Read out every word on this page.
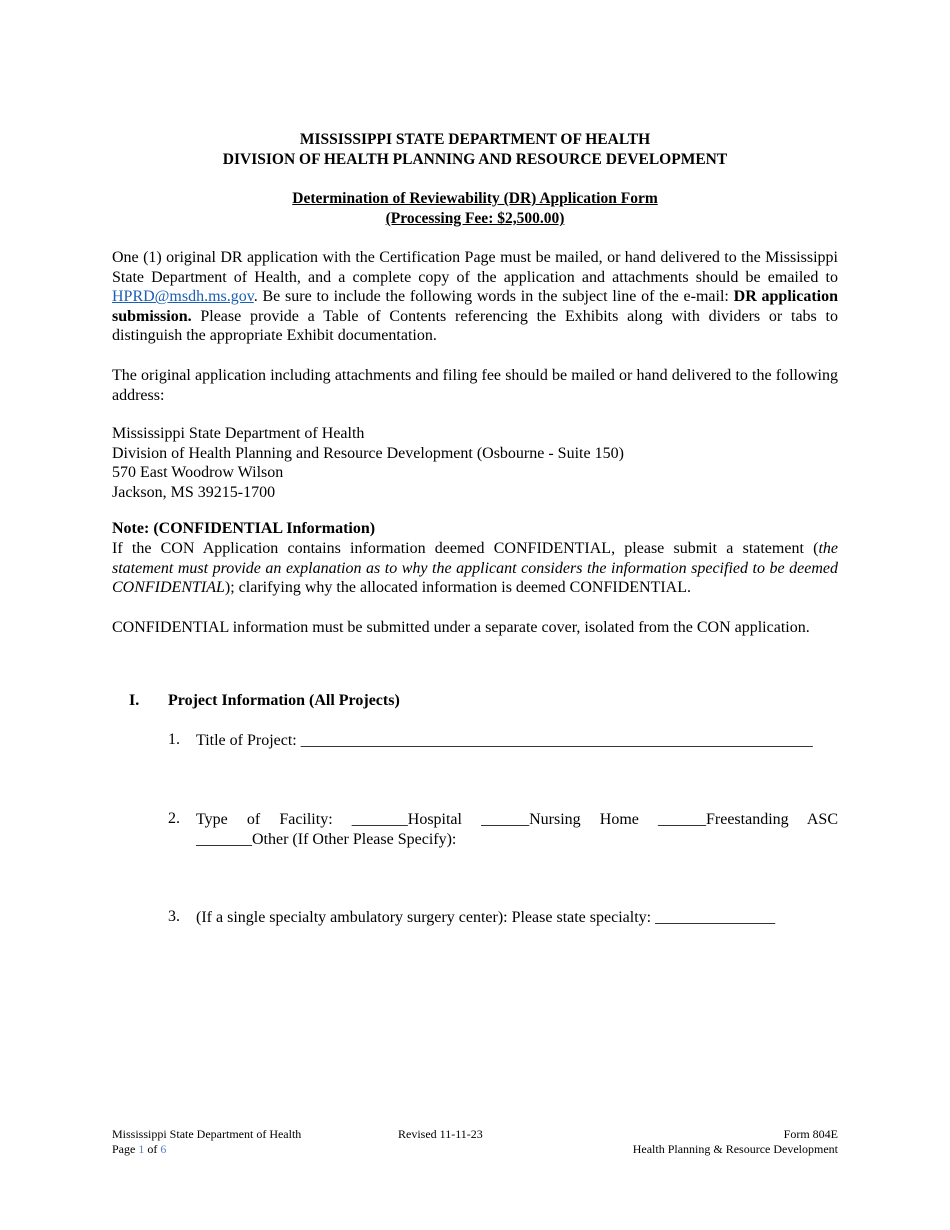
MISSISSIPPI STATE DEPARTMENT OF HEALTH
DIVISION OF HEALTH PLANNING AND RESOURCE DEVELOPMENT
Determination of Reviewability (DR) Application Form
(Processing Fee: $2,500.00)
One (1) original DR application with the Certification Page must be mailed, or hand delivered to the Mississippi State Department of Health, and a complete copy of the application and attachments should be emailed to HPRD@msdh.ms.gov. Be sure to include the following words in the subject line of the e-mail: DR application submission. Please provide a Table of Contents referencing the Exhibits along with dividers or tabs to distinguish the appropriate Exhibit documentation.
The original application including attachments and filing fee should be mailed or hand delivered to the following address:
Mississippi State Department of Health
Division of Health Planning and Resource Development (Osbourne - Suite 150)
570 East Woodrow Wilson
Jackson, MS 39215-1700
Note: (CONFIDENTIAL Information)
If the CON Application contains information deemed CONFIDENTIAL, please submit a statement (the statement must provide an explanation as to why the applicant considers the information specified to be deemed CONFIDENTIAL); clarifying why the allocated information is deemed CONFIDENTIAL.
CONFIDENTIAL information must be submitted under a separate cover, isolated from the CON application.
I. Project Information (All Projects)
1. Title of Project: ________________________________________________________________
2. Type of Facility: _______Hospital ______Nursing Home ______Freestanding ASC
_______Other (If Other Please Specify):
3. (If a single specialty ambulatory surgery center): Please state specialty: _______________
Mississippi State Department of Health
Page 1 of 6
Revised 11-11-23	Form 804E
Health Planning & Resource Development
